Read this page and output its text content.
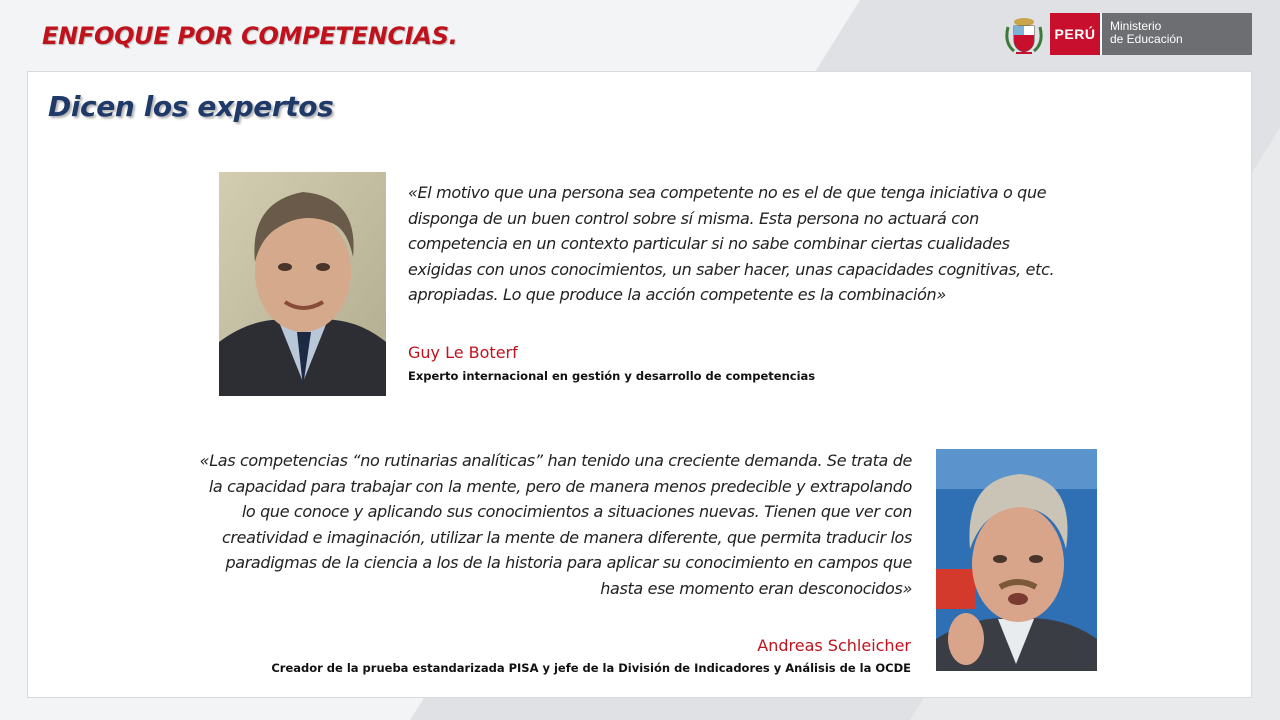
ENFOQUE POR COMPETENCIAS.	PERÚ	Ministerio
de Educación
Dicen los expertos

«El motivo que una persona sea competente no es el de que tenga iniciativa o que disponga de un buen control sobre sí misma. Esta persona no actuará con competencia en un contexto particular si no sabe combinar ciertas cualidades exigidas con unos conocimientos, un saber hacer, unas capacidades cognitivas, etc. apropiadas. Lo que produce la acción competente es la combinación»

Guy Le Boterf

Experto internacional en gestión y desarrollo de competencias

«Las competencias “no rutinarias analíticas” han tenido una creciente demanda. Se trata de la capacidad para trabajar con la mente, pero de manera menos predecible y extrapolando lo que conoce y aplicando sus conocimientos a situaciones nuevas. Tienen que ver con creatividad e imaginación, utilizar la mente de manera diferente, que permita traducir los paradigmas de la ciencia a los de la historia para aplicar su conocimiento en campos que hasta ese momento eran desconocidos»

Andreas Schleicher

Creador de la prueba estandarizada PISA y jefe de la División de Indicadores y Análisis de la OCDE
